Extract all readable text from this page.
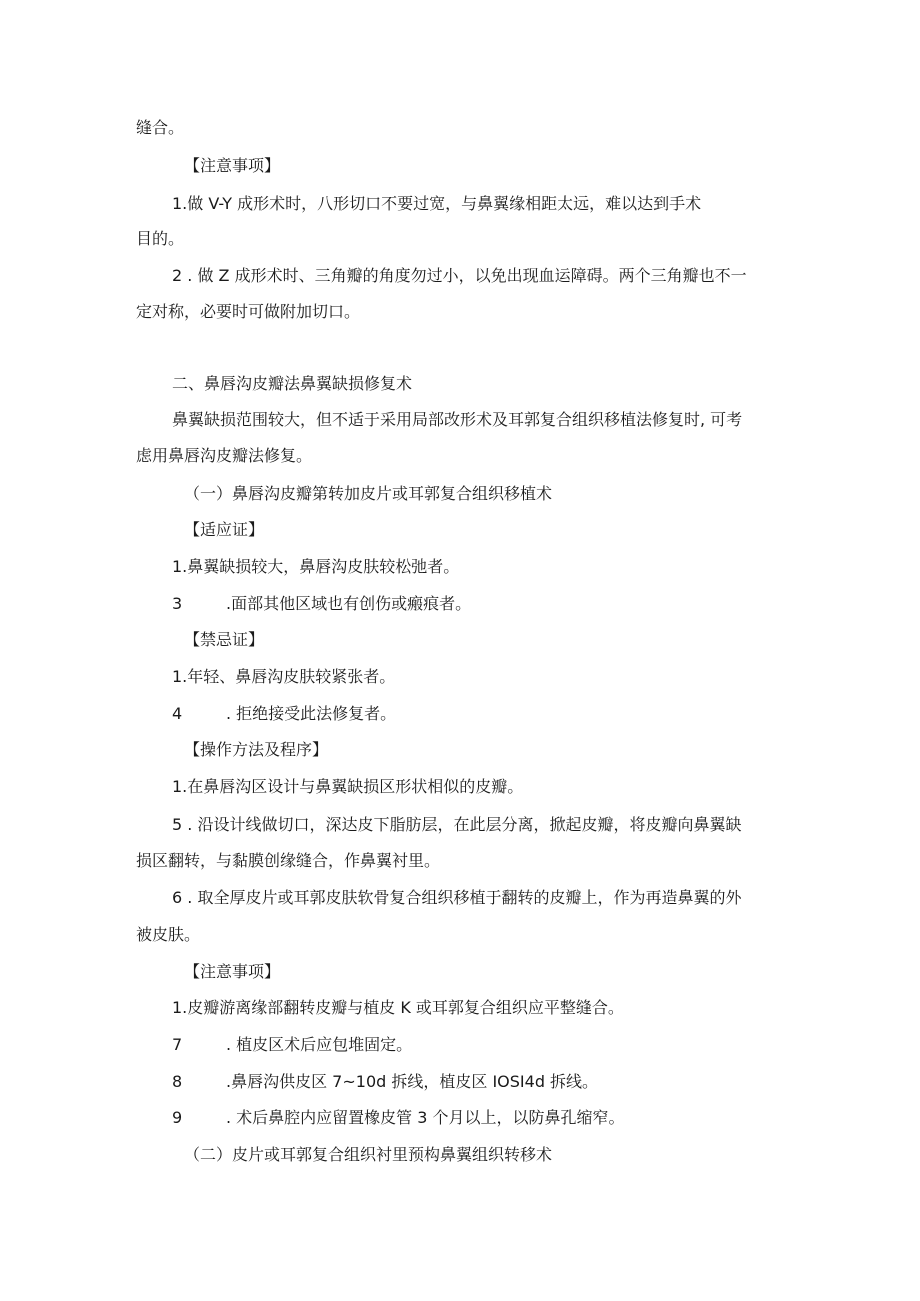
缝合。

【注意事项】

1.做 V-Y 成形术时，八形切口不要过宽，与鼻翼缘相距太远，难以达到手术

目的。

2 . 做 Z 成形术时、三角瓣的角度勿过小，以免出现血运障碍。两个三角瓣也不一

定对称，必要时可做附加切口。

二、鼻唇沟皮瓣法鼻翼缺损修复术

鼻翼缺损范围较大，但不适于采用局部改形术及耳郭复合组织移植法修复时, 可考

虑用鼻唇沟皮瓣法修复。

（一）鼻唇沟皮瓣第转加皮片或耳郭复合组织移植术

【适应证】

1.鼻翼缺损较大，鼻唇沟皮肤较松弛者。

3	.面部其他区域也有创伤或瘢痕者。

【禁忌证】

1.年轻、鼻唇沟皮肤较紧张者。

4	. 拒绝接受此法修复者。

【操作方法及程序】

1.在鼻唇沟区设计与鼻翼缺损区形状相似的皮瓣。

5 . 沿设计线做切口，深达皮下脂肪层，在此层分离，掀起皮瓣，将皮瓣向鼻翼缺

损区翻转，与黏膜创缘缝合，作鼻翼衬里。

6 . 取全厚皮片或耳郭皮肤软骨复合组织移植于翻转的皮瓣上，作为再造鼻翼的外

被皮肤。

【注意事项】

1.皮瓣游离缘部翻转皮瓣与植皮 K 或耳郭复合组织应平整缝合。

7	. 植皮区术后应包堆固定。

8	.鼻唇沟供皮区 7~10d 拆线，植皮区 IOSI4d 拆线。

9	. 术后鼻腔内应留置橡皮管 3 个月以上，以防鼻孔缩窄。

（二）皮片或耳郭复合组织衬里预构鼻翼组织转移术
